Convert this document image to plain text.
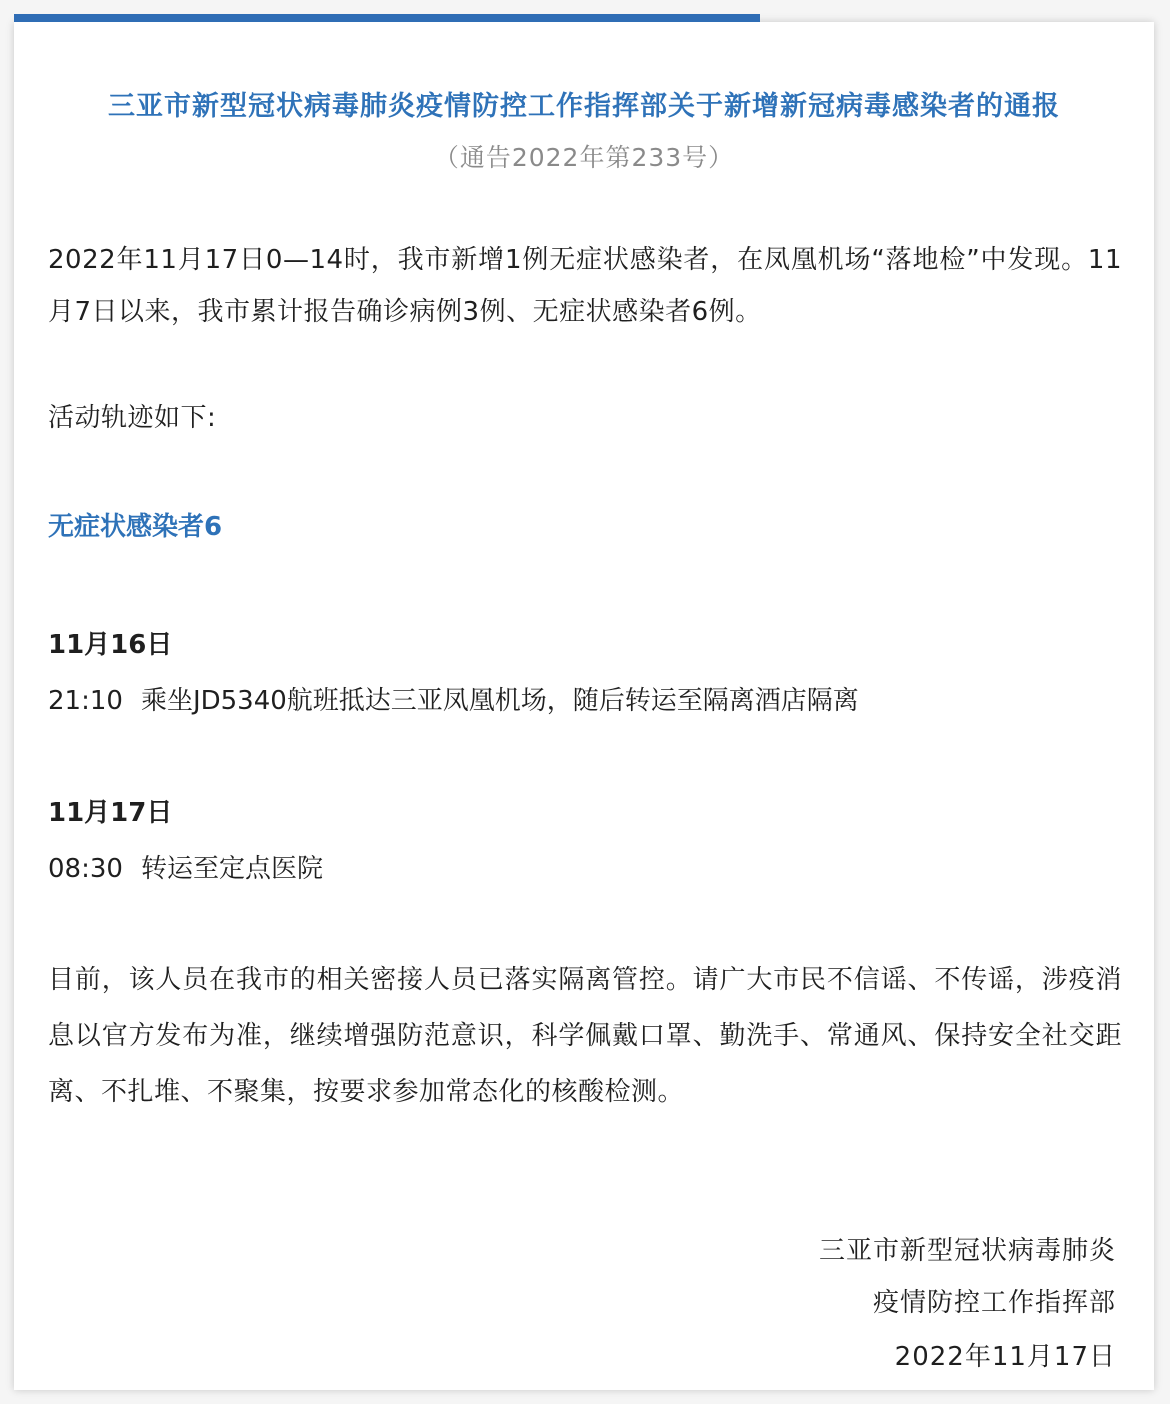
三亚市新型冠状病毒肺炎疫情防控工作指挥部关于新增新冠病毒感染者的通报
（通告2022年第233号）
2022年11月17日0—14时，我市新增1例无症状感染者，在凤凰机场“落地检”中发现。11月7日以来，我市累计报告确诊病例3例、无症状感染者6例。
活动轨迹如下:
无症状感染者6
11月16日
21:10 乘坐JD5340航班抵达三亚凤凰机场，随后转运至隔离酒店隔离
11月17日
08:30 转运至定点医院
目前，该人员在我市的相关密接人员已落实隔离管控。请广大市民不信谣、不传谣，涉疫消息以官方发布为准，继续增强防范意识，科学佩戴口罩、勤洗手、常通风、保持安全社交距离、不扎堆、不聚集，按要求参加常态化的核酸检测。
三亚市新型冠状病毒肺炎
疫情防控工作指挥部
2022年11月17日
